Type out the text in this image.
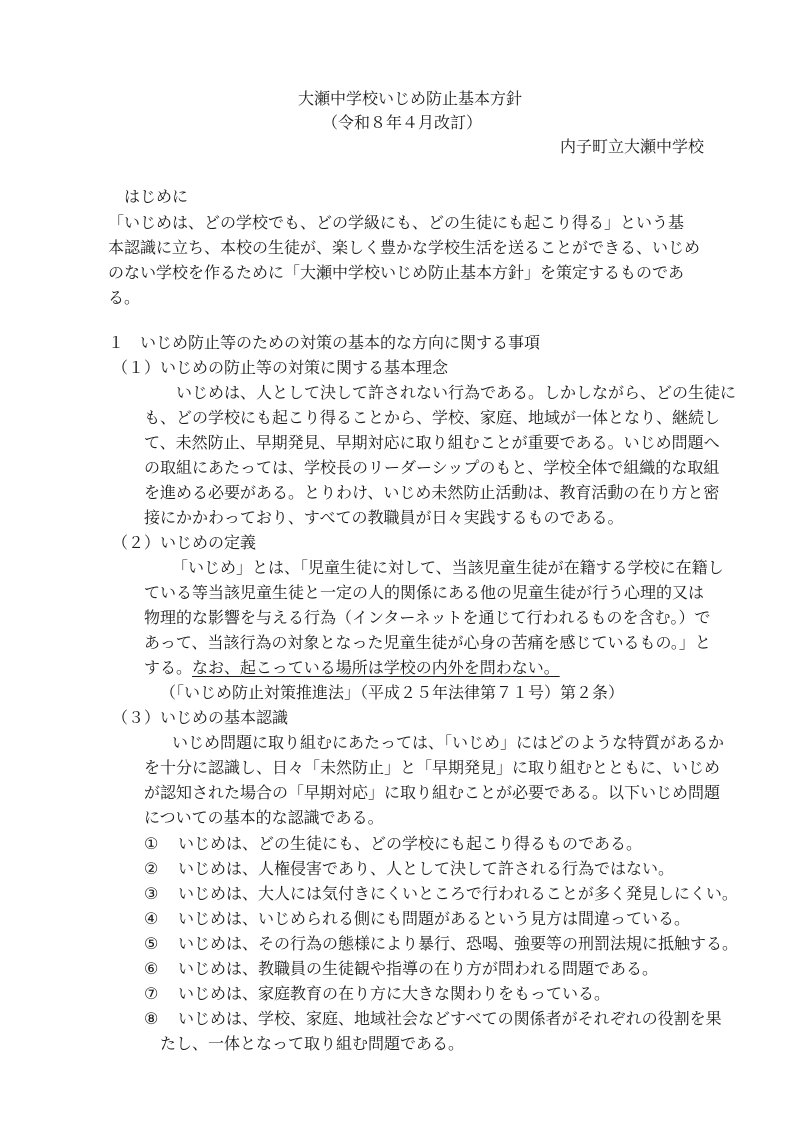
大瀬中学校いじめ防止基本方針

（令和８年４月改訂）

内子町立大瀬中学校

はじめに

「いじめは、どの学校でも、どの学級にも、どの生徒にも起こり得る」という基

本認識に立ち、本校の生徒が、楽しく豊かな学校生活を送ることができる、いじめ

のない学校を作るために「大瀬中学校いじめ防止基本方針」を策定するものであ

る。

１　いじめ防止等のための対策の基本的な方向に関する事項

（１）いじめの防止等の対策に関する基本理念

いじめは、人として決して許されない行為である。しかしながら、どの生徒に

も、どの学校にも起こり得ることから、学校、家庭、地域が一体となり、継続し

て、未然防止、早期発見、早期対応に取り組むことが重要である。いじめ問題へ

の取組にあたっては、学校長のリーダーシップのもと、学校全体で組織的な取組

を進める必要がある。とりわけ、いじめ未然防止活動は、教育活動の在り方と密

接にかかわっており、すべての教職員が日々実践するものである。

（２）いじめの定義

「いじめ」とは、「児童生徒に対して、当該児童生徒が在籍する学校に在籍し

ている等当該児童生徒と一定の人的関係にある他の児童生徒が行う心理的又は

物理的な影響を与える行為（インターネットを通じて行われるものを含む。）で

あって、当該行為の対象となった児童生徒が心身の苦痛を感じているもの。」と

する。なお、起こっている場所は学校の内外を問わない。

（「いじめ防止対策推進法」（平成２５年法律第７１号）第２条）

（３）いじめの基本認識

いじめ問題に取り組むにあたっては、「いじめ」にはどのような特質があるか

を十分に認識し、日々「未然防止」と「早期発見」に取り組むとともに、いじめ

が認知された場合の「早期対応」に取り組むことが必要である。以下いじめ問題

についての基本的な認識である。

① いじめは、どの生徒にも、どの学校にも起こり得るものである。

② いじめは、人権侵害であり、人として決して許される行為ではない。

③ いじめは、大人には気付きにくいところで行われることが多く発見しにくい。

④ いじめは、いじめられる側にも問題があるという見方は間違っている。

⑤ いじめは、その行為の態様により暴行、恐喝、強要等の刑罰法規に抵触する。

⑥ いじめは、教職員の生徒観や指導の在り方が問われる問題である。

⑦ いじめは、家庭教育の在り方に大きな関わりをもっている。

⑧ いじめは、学校、家庭、地域社会などすべての関係者がそれぞれの役割を果

たし、一体となって取り組む問題である。
